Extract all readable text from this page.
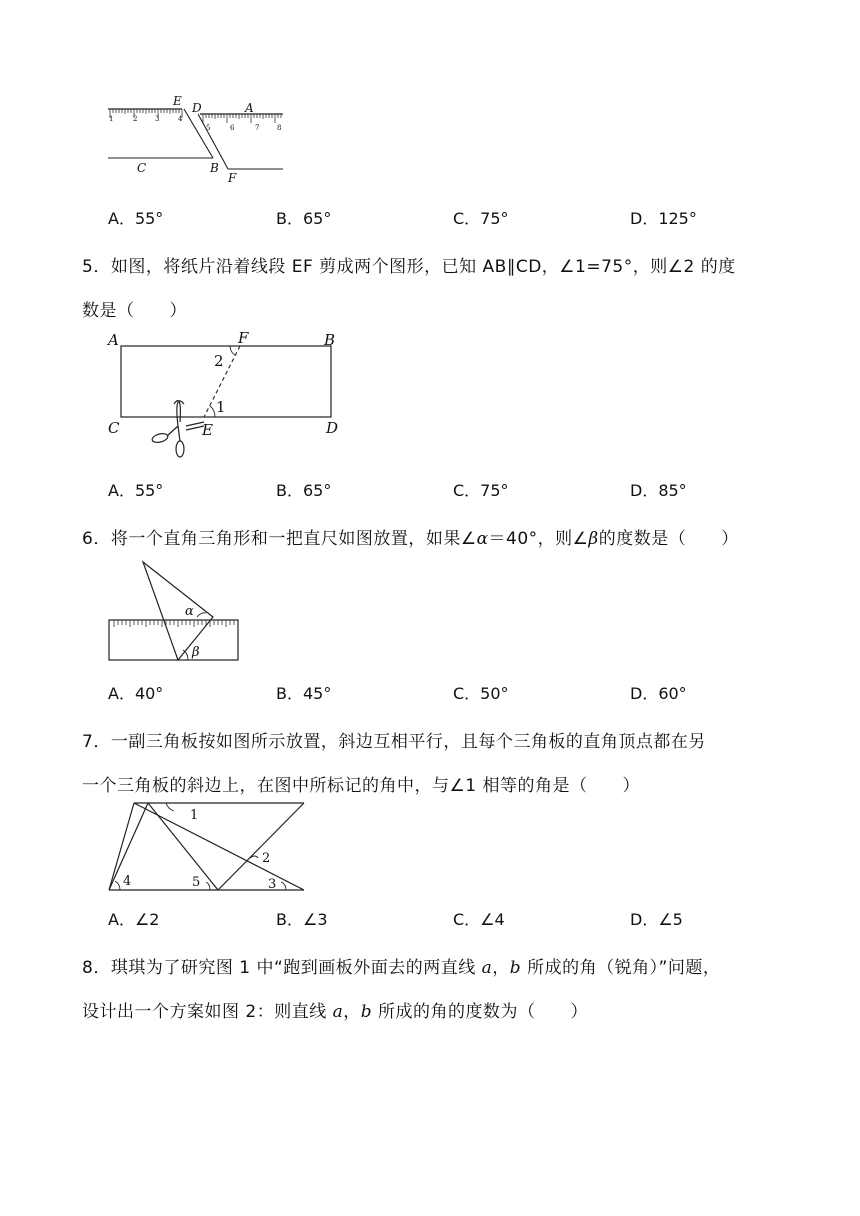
1	2	3	4
5	6	7	8
E D	A
C	B
F
A．55°	B．65°	C．75°	D．125°
5．如图，将纸片沿着线段 EF 剪成两个图形，已知 AB∥CD，∠1=75°，则∠2 的度
数是（　　）
A	F	B
C	E	D
1
2
A．55°	B．65°	C．75°	D．85°
6．将一个直角三角形和一把直尺如图放置，如果∠α＝40°，则∠β的度数是（　　）
α
β
A．40°	B．45°	C．50°	D．60°
7．一副三角板按如图所示放置，斜边互相平行，且每个三角板的直角顶点都在另
一个三角板的斜边上，在图中所标记的角中，与∠1 相等的角是（　　）
1
2
3
4	5
A．∠2	B．∠3	C．∠4	D．∠5
8．琪琪为了研究图 1 中“跑到画板外面去的两直线 a，b 所成的角（锐角）”问题，
设计出一个方案如图 2：则直线 a，b 所成的角的度数为（　　）
